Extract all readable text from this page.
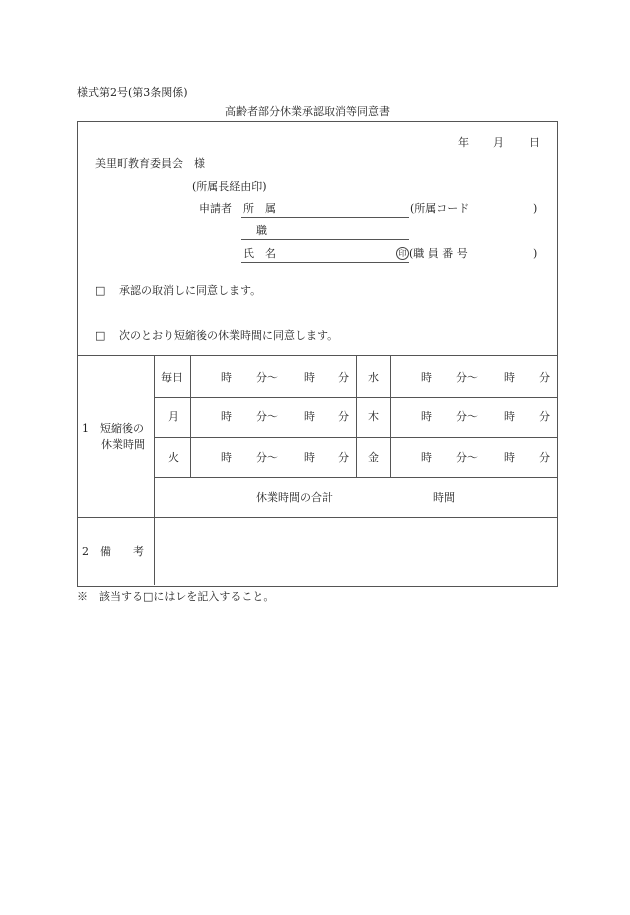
様式第2号(第3条関係)
高齢者部分休業承認取消等同意書
年 月 日
美里町教育委員会　様
(所属長経由印)
申請者 所　属	(所属コード	)
職
氏　名	印 (職 員 番 号	)
□ 承認の取消しに同意します。
□ 次のとおり短縮後の休業時間に同意します。
1　短縮後の
休業時間
毎日	時 分〜 時 分 水	時 分〜 時 分
月	時 分〜 時 分 木	時 分〜 時 分
火	時 分〜 時 分 金	時 分〜 時 分
休業時間の合計	時間
2　備　　考
※　該当する□にはレを記入すること。
